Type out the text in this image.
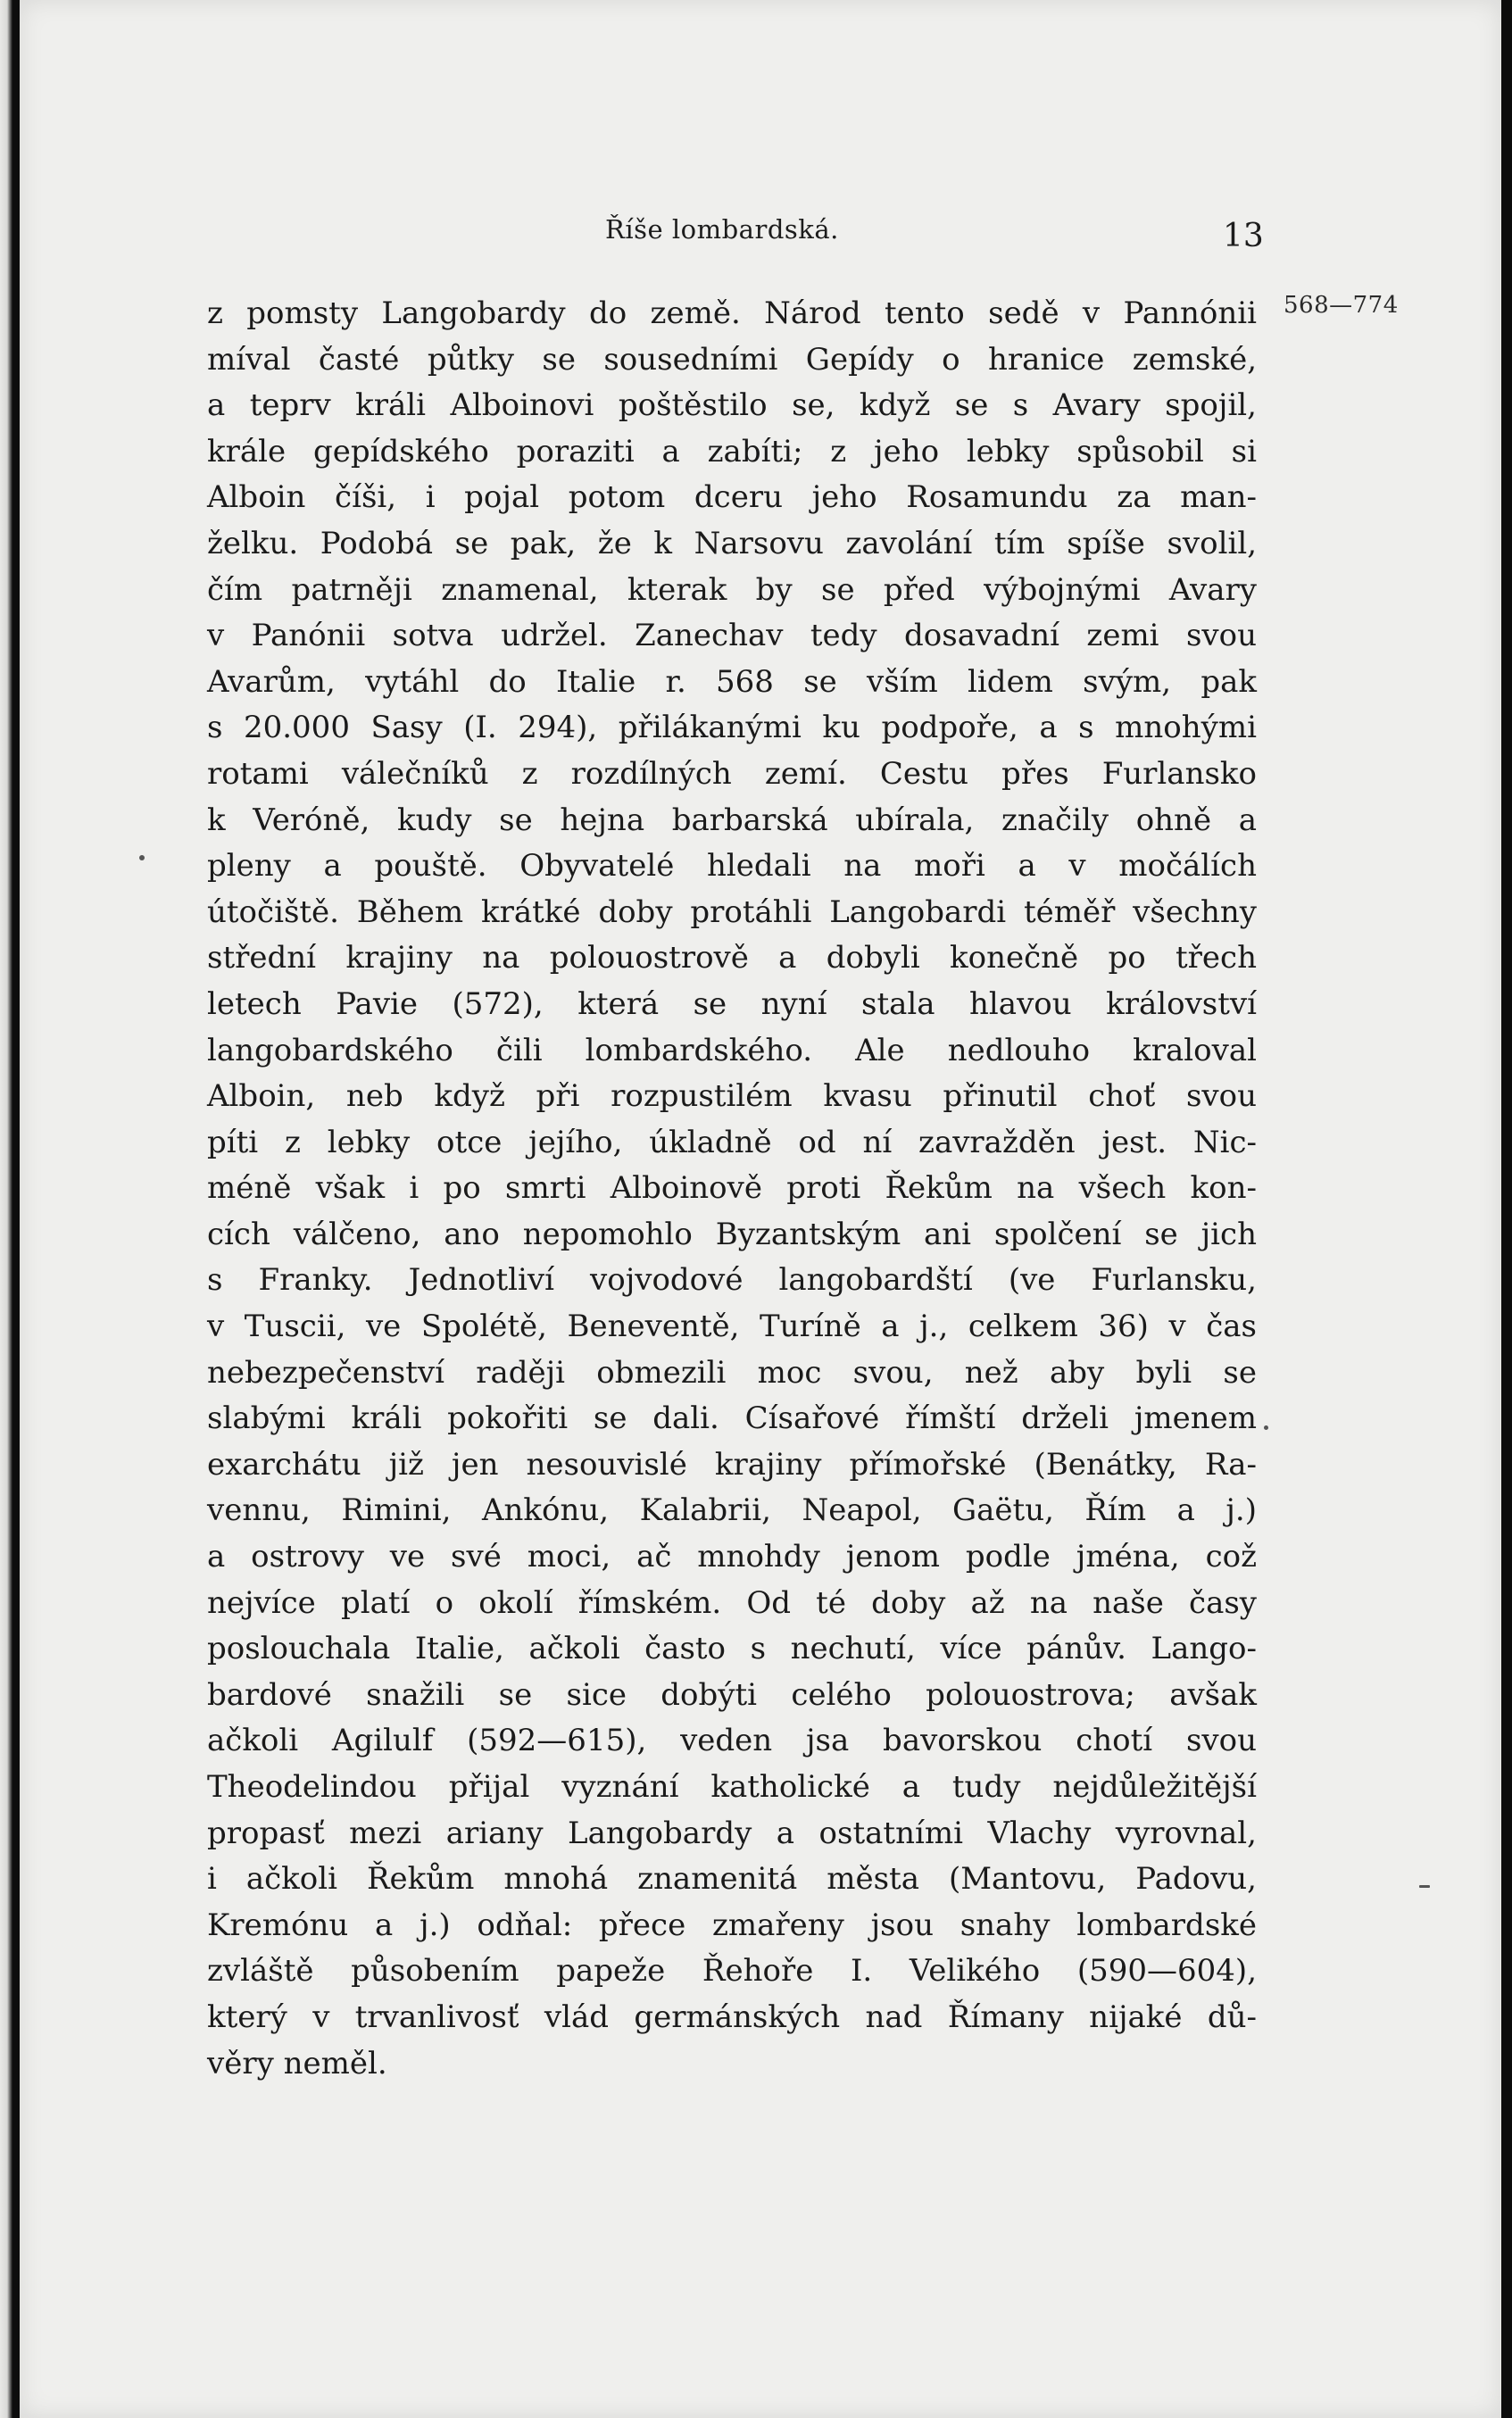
Říše lombardská.	13
568—774
z pomsty Langobardy do země. Národ tento sedě v Pannónii
míval časté půtky se sousedními Gepídy o hranice zemské,
a teprv králi Alboinovi poštěstilo se, když se s Avary spojil,
krále gepídského poraziti a zabíti; z jeho lebky spůsobil si
Alboin číši, i pojal potom dceru jeho Rosamundu za man-
želku. Podobá se pak, že k Narsovu zavolání tím spíše svolil,
čím patrněji znamenal, kterak by se před výbojnými Avary
v Panónii sotva udržel. Zanechav tedy dosavadní zemi svou
Avarům, vytáhl do Italie r. 568 se vším lidem svým, pak
s 20.000 Sasy (I. 294), přilákanými ku podpoře, a s mnohými
rotami válečníků z rozdílných zemí. Cestu přes Furlansko
k Veróně, kudy se hejna barbarská ubírala, značily ohně a
pleny a pouště. Obyvatelé hledali na moři a v močálích
útočiště. Během krátké doby protáhli Langobardi téměř všechny
střední krajiny na polouostrově a dobyli konečně po třech
letech Pavie (572), která se nyní stala hlavou království
langobardského čili lombardského. Ale nedlouho kraloval
Alboin, neb když při rozpustilém kvasu přinutil choť svou
píti z lebky otce jejího, úkladně od ní zavražděn jest. Nic-
méně však i po smrti Alboinově proti Řekům na všech kon-
cích válčeno, ano nepomohlo Byzantským ani spolčení se jich
s Franky. Jednotliví vojvodové langobardští (ve Furlansku,
v Tuscii, ve Spolétě, Beneventě, Turíně a j., celkem 36) v čas
nebezpečenství raději obmezili moc svou, než aby byli se
slabými králi pokořiti se dali. Císařové římští drželi jmenem
exarchátu již jen nesouvislé krajiny přímořské (Benátky, Ra-
vennu, Rimini, Ankónu, Kalabrii, Neapol, Gaëtu, Řím a j.)
a ostrovy ve své moci, ač mnohdy jenom podle jména, což
nejvíce platí o okolí římském. Od té doby až na naše časy
poslouchala Italie, ačkoli často s nechutí, více pánův. Lango-
bardové snažili se sice dobýti celého polouostrova; avšak
ačkoli Agilulf (592—615), veden jsa bavorskou chotí svou
Theodelindou přijal vyznání katholické a tudy nejdůležitější
propasť mezi ariany Langobardy a ostatními Vlachy vyrovnal,
i ačkoli Řekům mnohá znamenitá města (Mantovu, Padovu,
Kremónu a j.) odňal: přece zmařeny jsou snahy lombardské
zvláště působením papeže Řehoře I. Velikého (590—604),
který v trvanlivosť vlád germánských nad Římany nijaké dů-
věry neměl.
